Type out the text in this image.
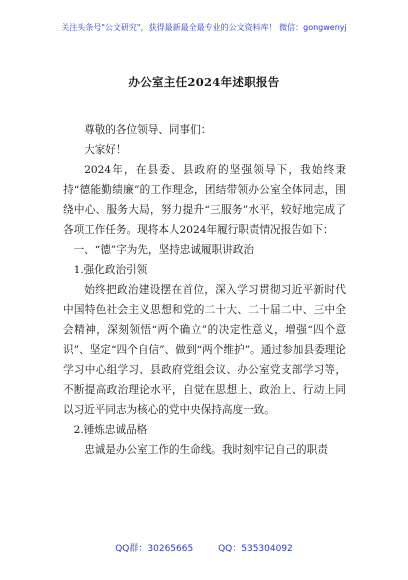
关注头条号"公文研究"，获得最新最全最专业的公文资料库！ 微信：gongwenyj
办公室主任2024年述职报告

尊敬的各位领导、同事们：

大家好！

2024年，在县委、县政府的坚强领导下，我始终秉持“德能勤绩廉”的工作理念，团结带领办公室全体同志，围绕中心、服务大局，努力提升“三服务”水平，较好地完成了各项工作任务。现将本人2024年履行职责情况报告如下：

一、“德”字为先，坚持忠诚履职讲政治

1.强化政治引领

始终把政治建设摆在首位，深入学习贯彻习近平新时代中国特色社会主义思想和党的二十大、二十届二中、三中全会精神，深刻领悟“两个确立”的决定性意义，增强“四个意识”、坚定“四个自信”、做到“两个维护”。通过参加县委理论学习中心组学习、县政府党组会议、办公室党支部学习等，不断提高政治理论水平，自觉在思想上、政治上、行动上同以习近平同志为核心的党中央保持高度一致。

2.锤炼忠诚品格

忠诚是办公室工作的生命线。我时刻牢记自己的职责

QQ群：30265665	QQ：535304092
